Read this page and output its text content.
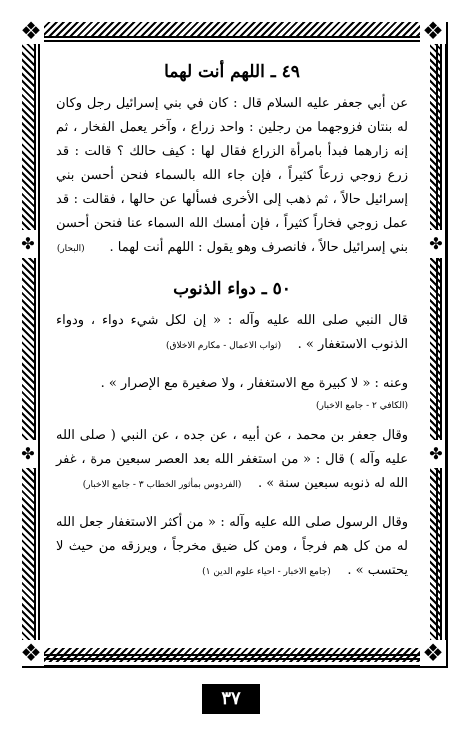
❖	❖
❖	❖
✤
✤
✤
✤
٤٩ ـ اللهم أنت لهما

عن أبي جعفر عليه السلام قال : كان في بني إسرائيل رجل وكان له بنتان فزوجهما من رجلين : واحد زراع ، وآخر يعمل الفخار ، ثم إنه زارهما فبدأ بامرأة الزراع فقال لها : كيف حالك ؟ قالت : قد زرع زوجي زرعاً كثيراً ، فإن جاء الله بالسماء فنحن أحسن بني إسرائيل حالاً ، ثم ذهب إلى الأخرى فسألها عن حالها ، فقالت : قد عمل زوجي فخاراً كثيراً ، فإن أمسك الله السماء عنا فنحن أحسن بني إسرائيل حالاً ، فانصرف وهو يقول : اللهم أنت لهما .      (البحار)

٥٠ ـ دواء الذنوب

قال النبي صلى الله عليه وآله : « إن لكل شيء دواء ، ودواء الذنوب الاستغفار » .    (ثواب الاعمال - مكارم الاخلاق)

وعنه : « لا كبيرة مع الاستغفار ، ولا صغيرة مع الإصرار » .

(الكافي ٢ - جامع الاخبار)

وقال جعفر بن محمد ، عن أبيه ، عن جده ، عن النبي ( صلى الله عليه وآله ) قال : « من استغفر الله بعد العصر سبعين مرة ، غفر الله له ذنوبه سبعين سنة » .    (الفردوس بمأثور الخطاب ٣ - جامع الاخبار)

وقال الرسول صلى الله عليه وآله : « من أكثر الاستغفار جعل الله له من كل هم فرجاً ، ومن كل ضيق مخرجاً ، ويرزقه من حيث لا يحتسب » .    (جامع الاخبار - احياء علوم الدين ١)

٣٧
